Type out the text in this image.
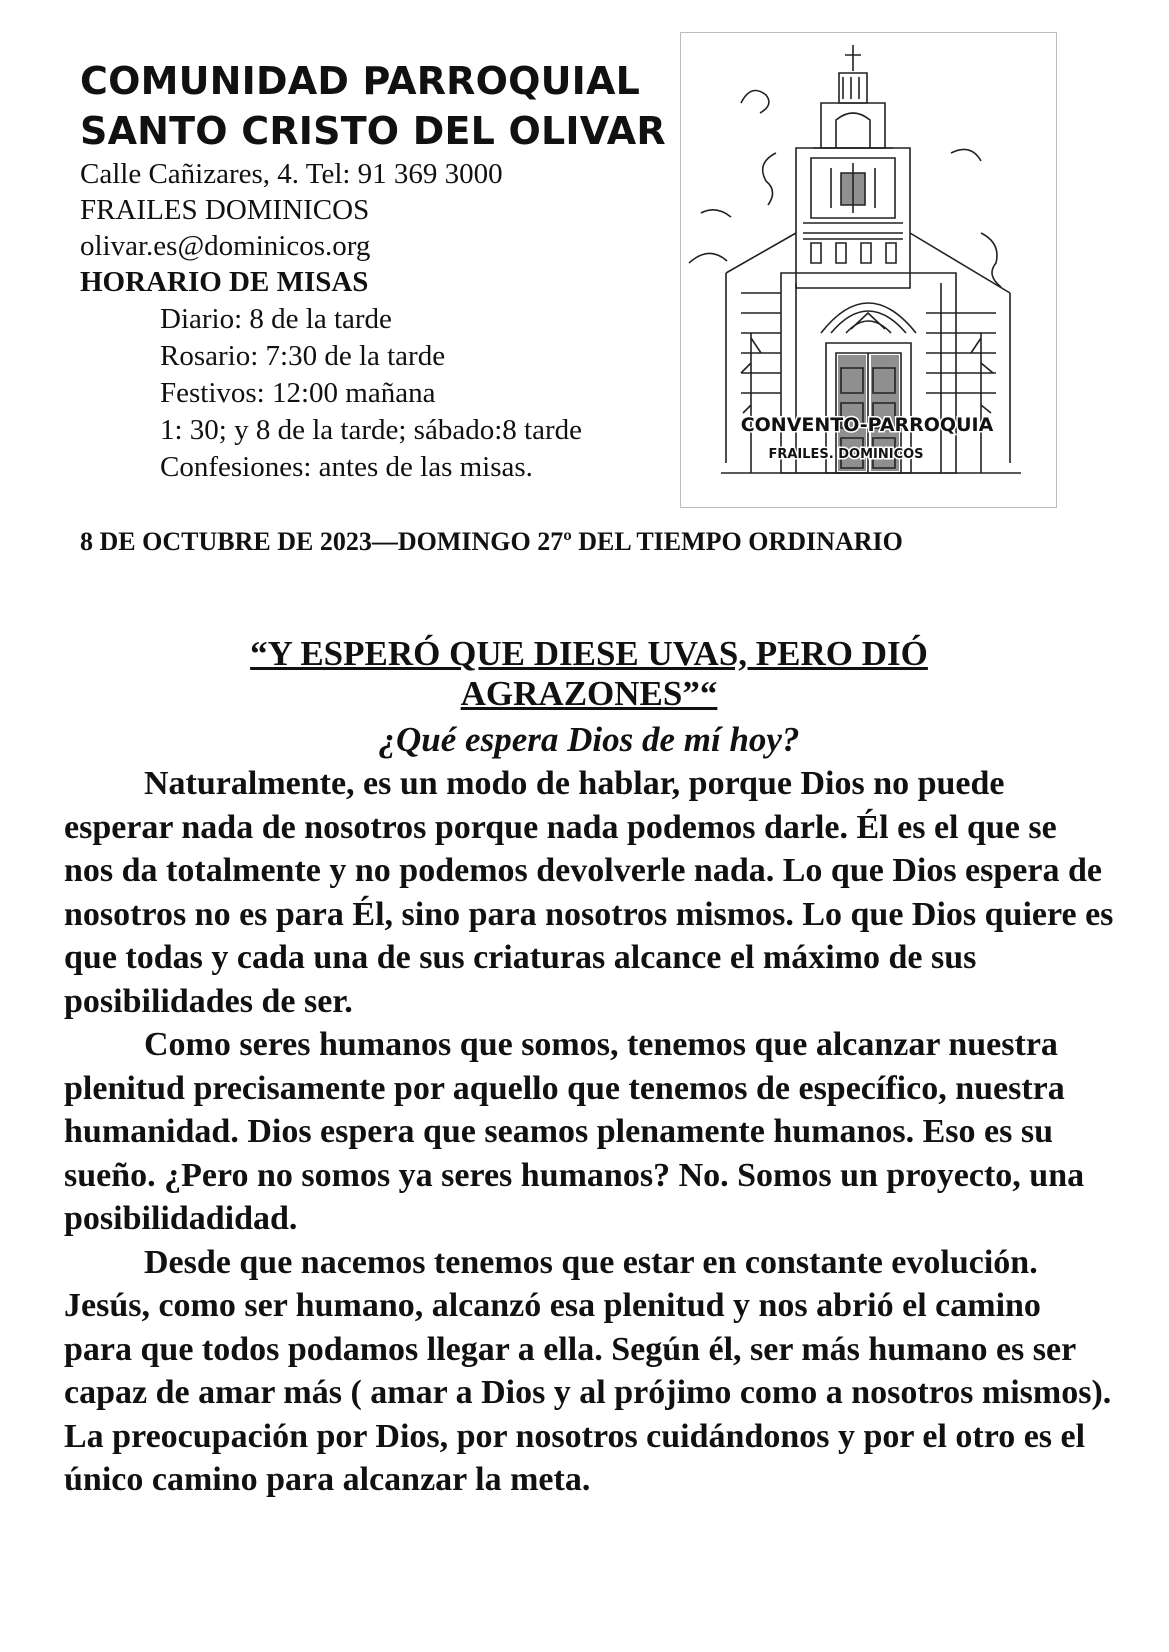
COMUNIDAD PARROQUIAL
SANTO CRISTO DEL OLIVAR
Calle Cañizares, 4. Tel: 91 369 3000
FRAILES DOMINICOS
olivar.es@dominicos.org
HORARIO DE MISAS
Diario: 8 de la tarde
Rosario: 7:30 de la tarde
Festivos: 12:00 mañana
1: 30; y 8 de la tarde; sábado:8 tarde
Confesiones: antes de las misas.
CONVENTO-PARROQUIA
FRAILES. DOMINICOS
8 DE OCTUBRE DE 2023—DOMINGO 27º DEL TIEMPO ORDINARIO
“Y ESPERÓ QUE DIESE UVAS, PERO DIÓ AGRAZONES”“
¿Qué espera Dios de mí hoy?

Naturalmente, es un modo de hablar, porque Dios no puede esperar nada de nosotros porque nada podemos darle. Él es el que se nos da totalmente y no podemos devolverle nada. Lo que Dios espera de nosotros no es para Él, sino para nosotros mismos. Lo que Dios quiere es que todas y cada una de sus criaturas alcance el máximo de sus posibilidades de ser.

Como seres humanos que somos, tenemos que alcanzar nuestra plenitud precisamente por aquello que tenemos de específico, nuestra humanidad. Dios espera que seamos plenamente humanos. Eso es su sueño. ¿Pero no somos ya seres humanos? No. Somos un proyecto, una posibilidadidad.

Desde que nacemos tenemos que estar en constante evolución. Jesús, como ser humano, alcanzó esa plenitud y nos abrió el camino para que todos podamos llegar a ella. Según él, ser más humano es ser capaz de amar más ( amar a Dios y al prójimo como a nosotros mismos). La preocupación por Dios, por nosotros cuidándonos y por el otro es el único camino para alcanzar la meta.
